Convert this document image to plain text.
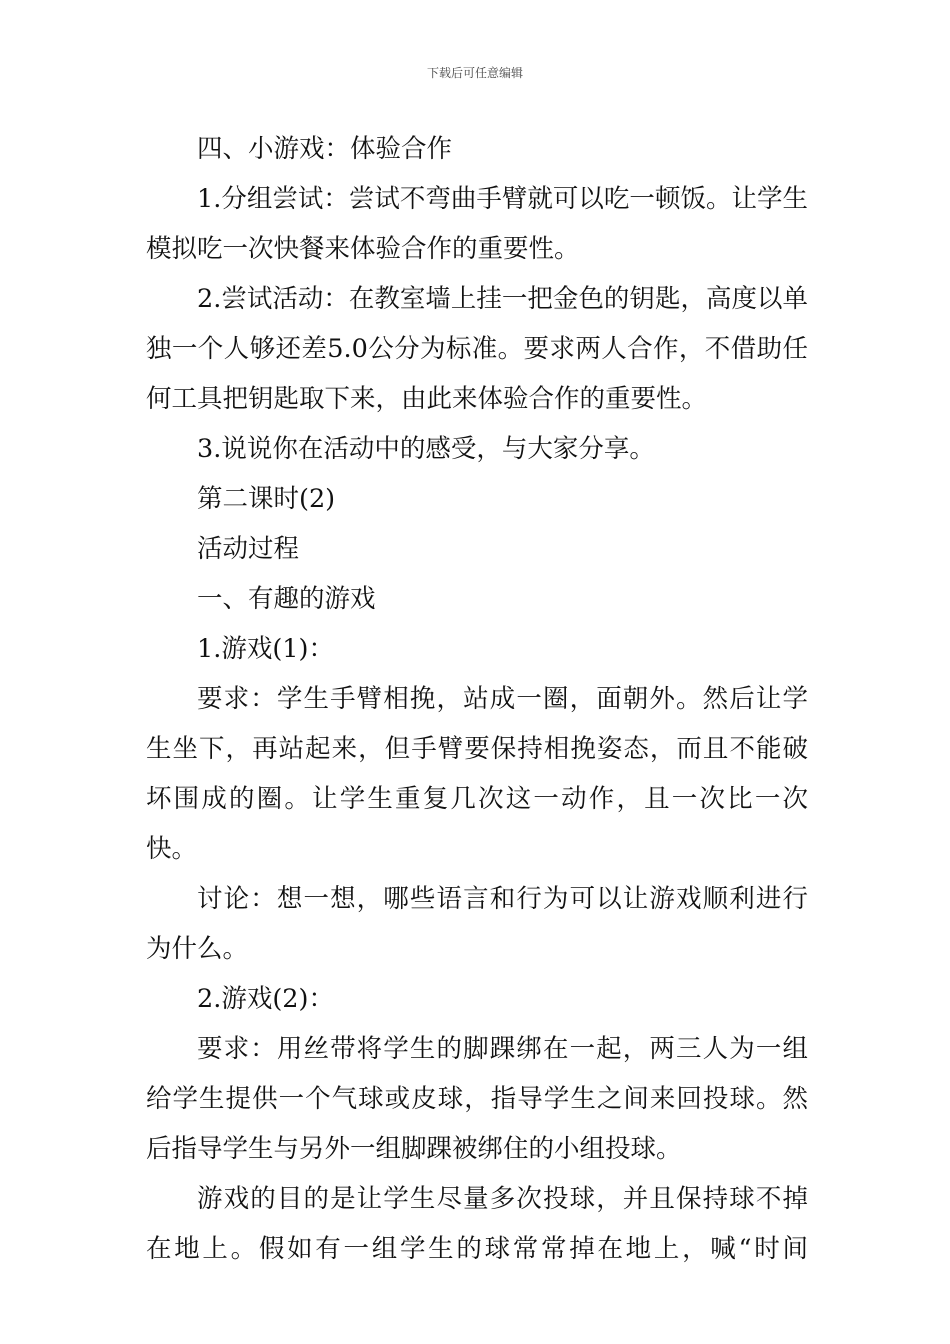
下载后可任意编辑

四、小游戏：体验合作

1.分组尝试：尝试不弯曲手臂就可以吃一顿饭。让学生模拟吃一次快餐来体验合作的重要性。

2.尝试活动：在教室墙上挂一把金色的钥匙，高度以单独一个人够还差5.0公分为标准。要求两人合作，不借助任何工具把钥匙取下来，由此来体验合作的重要性。

3.说说你在活动中的感受，与大家分享。

第二课时(2)

活动过程

一、有趣的游戏

1.游戏(1)：

要求：学生手臂相挽，站成一圈，面朝外。然后让学生坐下，再站起来，但手臂要保持相挽姿态，而且不能破坏围成的圈。让学生重复几次这一动作，且一次比一次快。

讨论：想一想，哪些语言和行为可以让游戏顺利进行为什么。

2.游戏(2)：

要求：用丝带将学生的脚踝绑在一起，两三人为一组给学生提供一个气球或皮球，指导学生之间来回投球。然后指导学生与另外一组脚踝被绑住的小组投球。

游戏的目的是让学生尽量多次投球，并且保持球不掉在地上。假如有一组学生的球常常掉在地上，喊“时间
